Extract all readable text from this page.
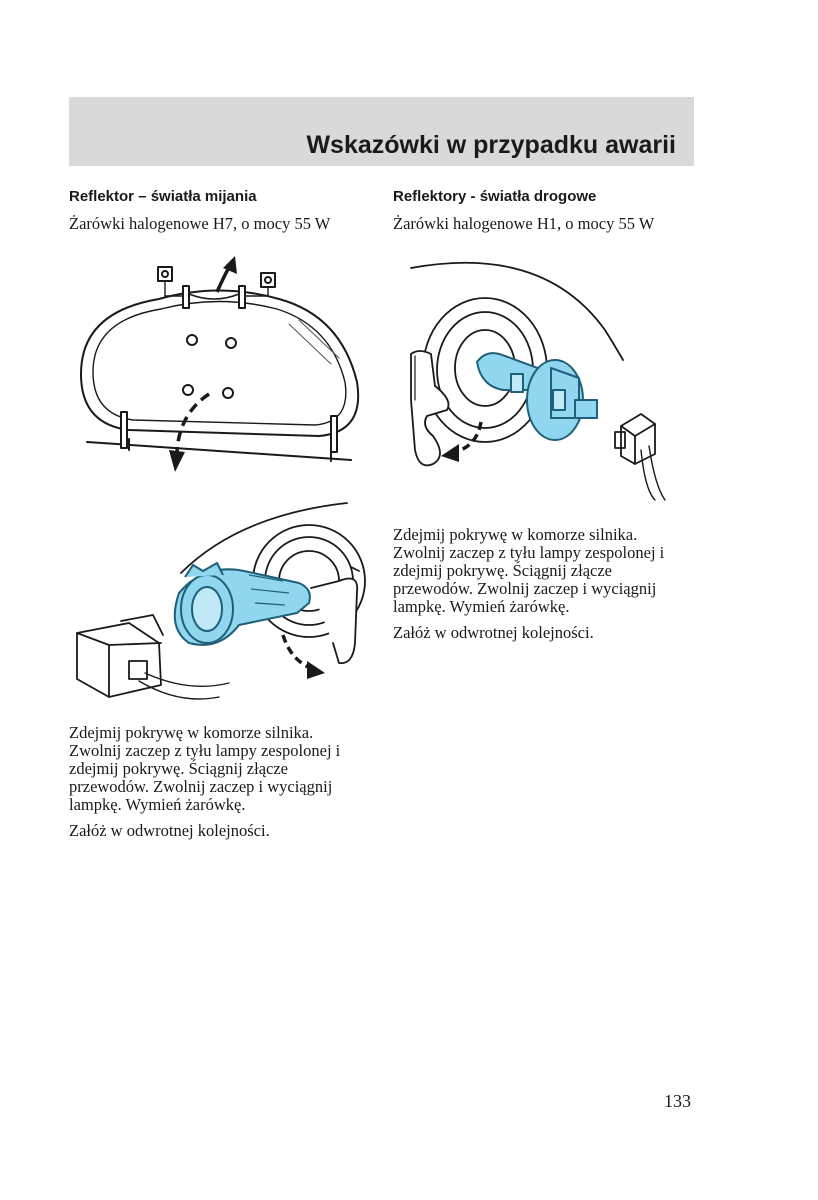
Wskazówki w przypadku awarii
Reflektor – światła mijania

Żarówki halogenowe H7, o mocy 55 W

Reflektory - światła drogowe

Żarówki halogenowe H1, o mocy 55 W

Zdejmij pokrywę w komorze silnika. Zwolnij zaczep z tyłu lampy zespolonej i zdejmij pokrywę. Ściągnij złącze przewodów. Zwolnij zaczep i wyciągnij lampkę. Wymień żarówkę.

Załóż w odwrotnej kolejności.

Zdejmij pokrywę w komorze silnika. Zwolnij zaczep z tyłu lampy zespolonej i zdejmij pokrywę. Ściągnij złącze przewodów. Zwolnij zaczep i wyciągnij lampkę. Wymień żarówkę.

Załóż w odwrotnej kolejności.

133
